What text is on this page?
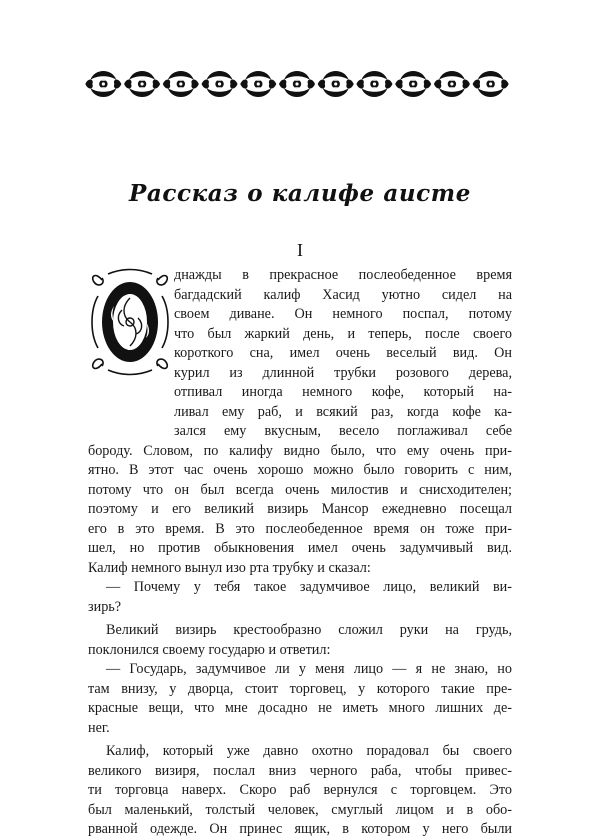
Рассказ о калифе аисте
I
О	днажды в прекрасное послеобеденное время
багдадский калиф Хасид уютно сидел на
своем диване. Он немного поспал, потому
что был жаркий день, и теперь, после своего
короткого сна, имел очень веселый вид. Он
курил из длинной трубки розового дерева,
отпивал иногда немного кофе, который на-
ливал ему раб, и всякий раз, когда кофе ка-
зался ему вкусным, весело поглаживал себе
бороду. Словом, по калифу видно было, что ему очень при-
ятно. В этот час очень хорошо можно было говорить с ним,
потому что он был всегда очень милостив и снисходителен;
поэтому и его великий визирь Мансор ежедневно посещал
его в это время. В это послеобеденное время он тоже при-
шел, но против обыкновения имел очень задумчивый вид.
Калиф немного вынул изо рта трубку и сказал:
— Почему у тебя такое задумчивое лицо, великий ви-
зирь?
Великий визирь крестообразно сложил руки на грудь,
поклонился своему государю и ответил:
— Государь, задумчивое ли у меня лицо — я не знаю, но
там внизу, у дворца, стоит торговец, у которого такие пре-
красные вещи, что мне досадно не иметь много лишних де-
нег.
Калиф, который уже давно охотно порадовал бы своего
великого визиря, послал вниз черного раба, чтобы привес-
ти торговца наверх. Скоро раб вернулся с торговцем. Это
был маленький, толстый человек, смуглый лицом и в обо-
рванной одежде. Он принес ящик, в котором у него были
